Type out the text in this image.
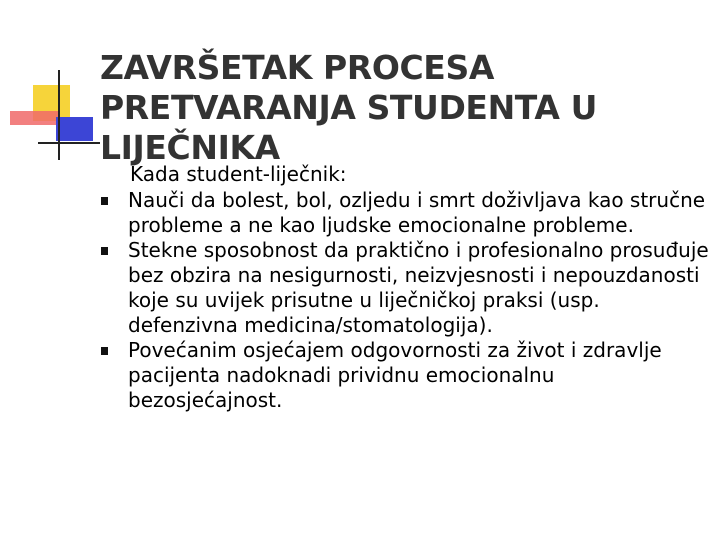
ZAVRŠETAK PROCESA PRETVARANJA STUDENTA U LIJEČNIKA

Kada student-liječnik:

Nauči da bolest, bol, ozljedu i smrt doživljava kao stručne probleme a ne kao ljudske emocionalne probleme.
Stekne sposobnost da praktično i profesionalno prosuđuje bez obzira na nesigurnosti, neizvjesnosti i nepouzdanosti koje su uvijek prisutne u liječničkoj praksi (usp. defenzivna medicina/stomatologija).
Povećanim osjećajem odgovornosti za život i zdravlje pacijenta nadoknadi prividnu emocionalnu bezosjećajnost.
